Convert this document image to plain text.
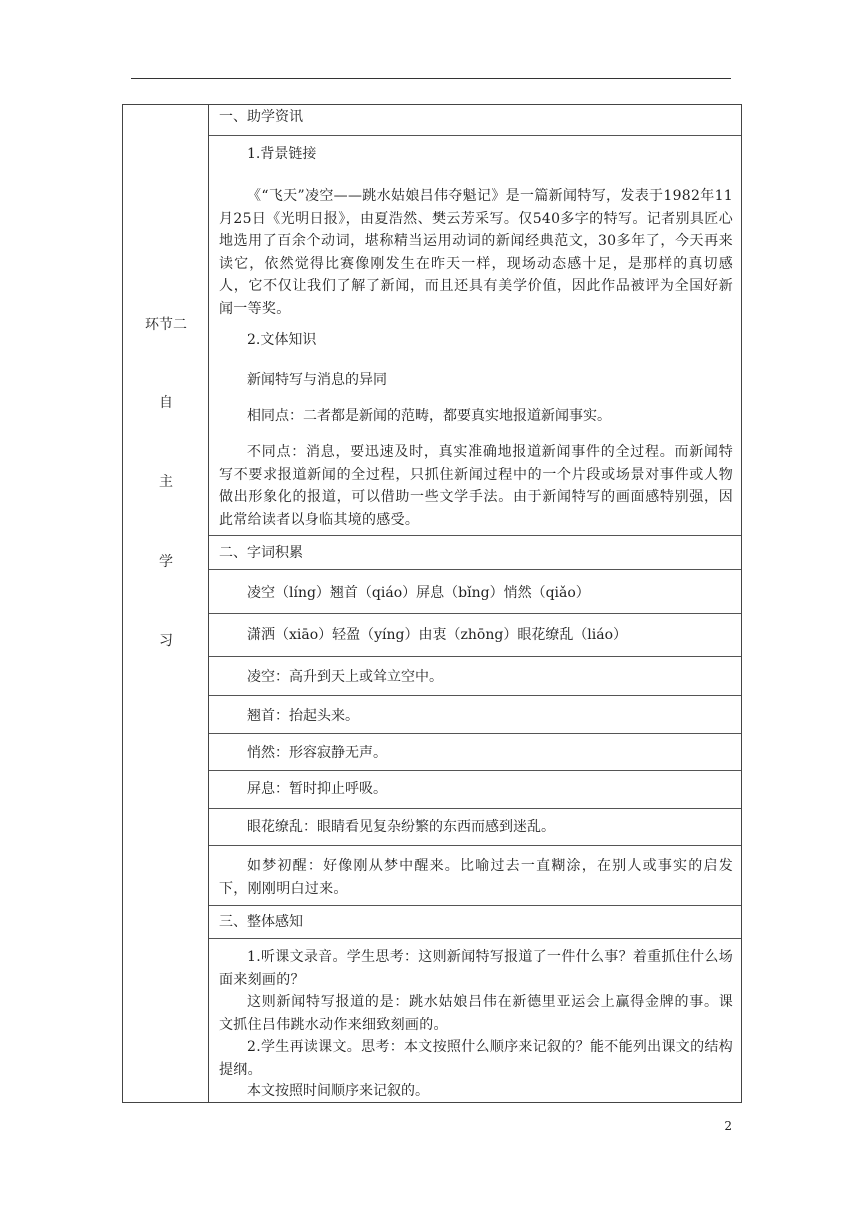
环节二
自
主
学
习
一、助学资讯
1.背景链接
《“飞天”凌空——跳水姑娘吕伟夺魁记》是一篇新闻特写，发表于1982年11月25日《光明日报》，由夏浩然、樊云芳采写。仅540多字的特写。记者别具匠心地选用了百余个动词，堪称精当运用动词的新闻经典范文，30多年了，今天再来读它，依然觉得比赛像刚发生在昨天一样，现场动态感十足，是那样的真切感人，它不仅让我们了解了新闻，而且还具有美学价值，因此作品被评为全国好新闻一等奖。
2.文体知识
新闻特写与消息的异同
相同点：二者都是新闻的范畴，都要真实地报道新闻事实。
不同点：消息，要迅速及时，真实准确地报道新闻事件的全过程。而新闻特写不要求报道新闻的全过程，只抓住新闻过程中的一个片段或场景对事件或人物做出形象化的报道，可以借助一些文学手法。由于新闻特写的画面感特别强，因此常给读者以身临其境的感受。
二、字词积累
凌空（líng）翘首（qiáo）屏息（bǐng）悄然（qiǎo）
潇洒（xiāo）轻盈（yíng）由衷（zhōng）眼花缭乱（liáo）
凌空：高升到天上或耸立空中。
翘首：抬起头来。
悄然：形容寂静无声。
屏息：暂时抑止呼吸。
眼花缭乱：眼睛看见复杂纷繁的东西而感到迷乱。
如梦初醒：好像刚从梦中醒来。比喻过去一直糊涂，在别人或事实的启发下，刚刚明白过来。
三、整体感知
1.听课文录音。学生思考：这则新闻特写报道了一件什么事？着重抓住什么场面来刻画的？
这则新闻特写报道的是：跳水姑娘吕伟在新德里亚运会上赢得金牌的事。课文抓住吕伟跳水动作来细致刻画的。
2.学生再读课文。思考：本文按照什么顺序来记叙的？能不能列出课文的结构提纲。
本文按照时间顺序来记叙的。
2
